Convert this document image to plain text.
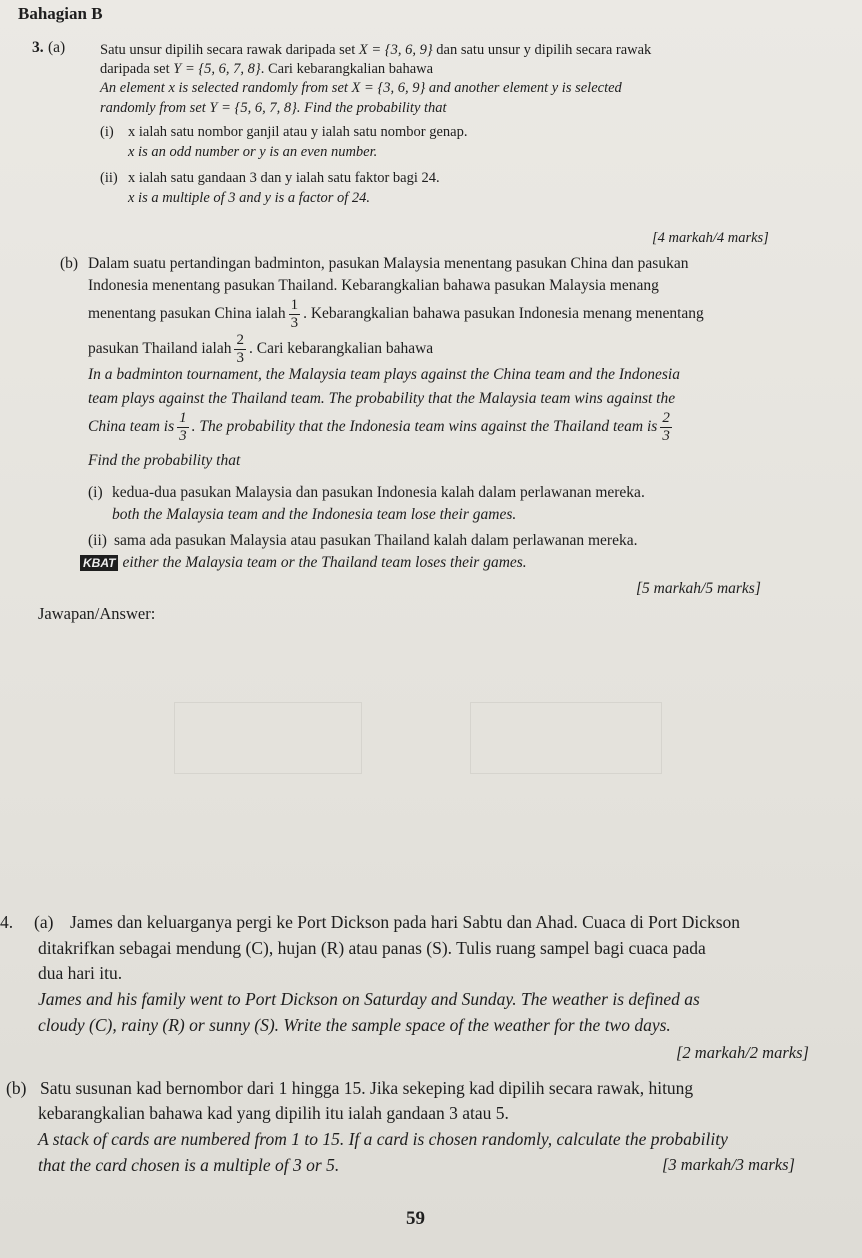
Bahagian B
3. (a) Satu unsur dipilih secara rawak daripada set X = {3, 6, 9} dan satu unsur y dipilih secara rawak
daripada set Y = {5, 6, 7, 8}. Cari kebarangkalian bahawa
An element x is selected randomly from set X = {3, 6, 9} and another element y is selected
randomly from set Y = {5, 6, 7, 8}. Find the probability that
(i) x ialah satu nombor ganjil atau y ialah satu nombor genap.
x is an odd number or y is an even number.
(ii) x ialah satu gandaan 3 dan y ialah satu faktor bagi 24.
x is a multiple of 3 and y is a factor of 24.
[4 markah/4 marks]
(b) Dalam suatu pertandingan badminton, pasukan Malaysia menentang pasukan China dan pasukan
Indonesia menentang pasukan Thailand. Kebarangkalian bahawa pasukan Malaysia menang
menentang pasukan China ialah $\frac{1}{3}$ . Kebarangkalian bahawa pasukan Indonesia menang menentang
pasukan Thailand ialah $\frac{2}{3}$ . Cari kebarangkalian bahawa
In a badminton tournament, the Malaysia team plays against the China team and the Indonesia
team plays against the Thailand team. The probability that the Malaysia team wins against the
China team is $\frac{1}{3}$ . The probability that the Indonesia team wins against the Thailand team is $\frac{2}{3}$
Find the probability that
(i) kedua-dua pasukan Malaysia dan pasukan Indonesia kalah dalam perlawanan mereka.
both the Malaysia team and the Indonesia team lose their games.
(ii) sama ada pasukan Malaysia atau pasukan Thailand kalah dalam perlawanan mereka.
KBAT either the Malaysia team or the Thailand team loses their games.
[5 markah/5 marks]
Jawapan/Answer:
4. (a) James dan keluarganya pergi ke Port Dickson pada hari Sabtu dan Ahad. Cuaca di Port Dickson
ditakrifkan sebagai mendung (C), hujan (R) atau panas (S). Tulis ruang sampel bagi cuaca pada
dua hari itu.
James and his family went to Port Dickson on Saturday and Sunday. The weather is defined as
cloudy (C), rainy (R) or sunny (S). Write the sample space of the weather for the two days.
[2 markah/2 marks]
(b) Satu susunan kad bernombor dari 1 hingga 15. Jika sekeping kad dipilih secara rawak, hitung
kebarangkalian bahawa kad yang dipilih itu ialah gandaan 3 atau 5.
A stack of cards are numbered from 1 to 15. If a card is chosen randomly, calculate the probability
that the card chosen is a multiple of 3 or 5.	[3 markah/3 marks]
59
